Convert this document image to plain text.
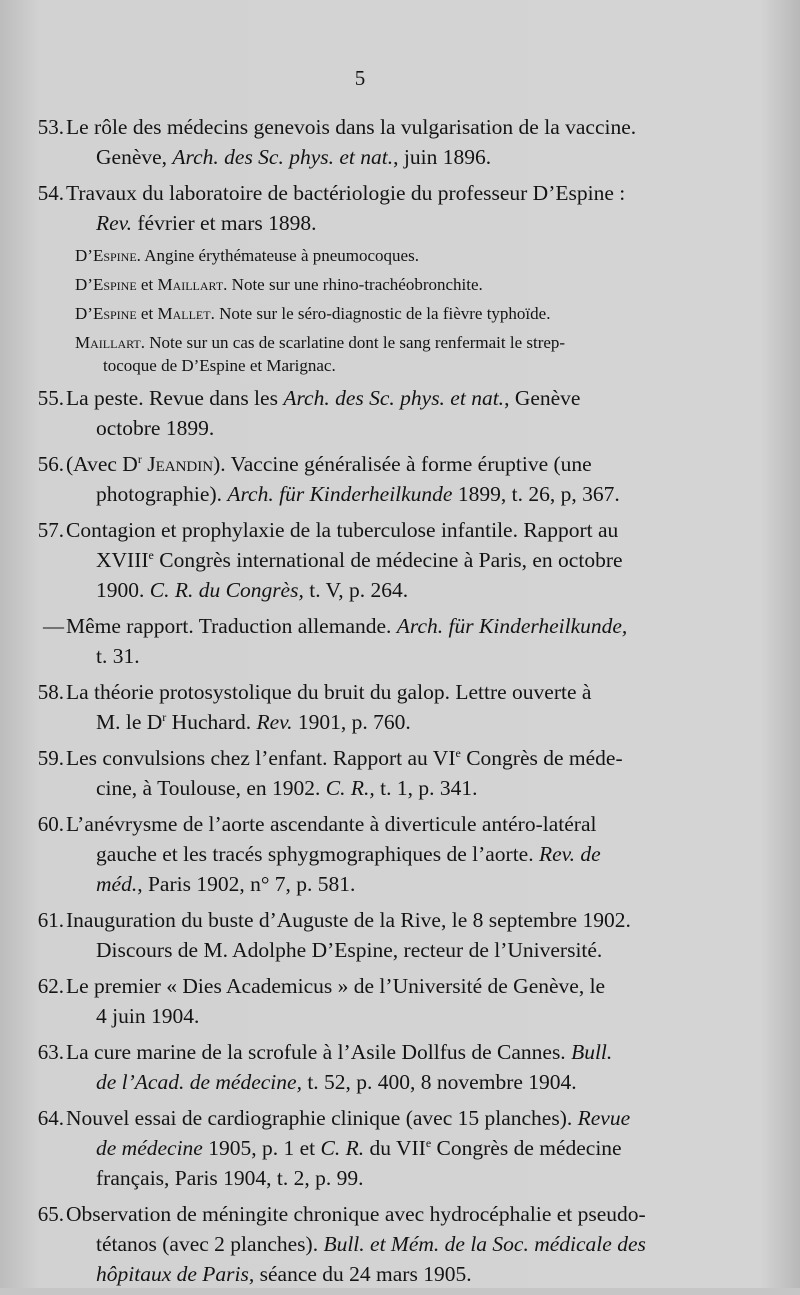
5
53. Le rôle des médecins genevois dans la vulgarisation de la vaccine.
Genève, Arch. des Sc. phys. et nat., juin 1896.
54. Travaux du laboratoire de bactériologie du professeur D’Espine :
Rev. février et mars 1898.
D’Espine. Angine érythémateuse à pneumocoques.
D’Espine et Maillart. Note sur une rhino-trachéobronchite.
D’Espine et Mallet. Note sur le séro-diagnostic de la fièvre typhoïde.
Maillart. Note sur un cas de scarlatine dont le sang renfermait le strep-
tocoque de D’Espine et Marignac.
55. La peste. Revue dans les Arch. des Sc. phys. et nat., Genève
octobre 1899.
56. (Avec $D^r$ Jeandin). Vaccine généralisée à forme éruptive (une
photographie). Arch. für Kinderheilkunde 1899, t. 26, p, 367.
57. Contagion et prophylaxie de la tuberculose infantile. Rapport au
XVIIIe Congrès international de médecine à Paris, en octobre
1900. C. R. du Congrès, t. V, p. 264.
— Même rapport. Traduction allemande. Arch. für Kinderheilkunde,
t. 31.
58. La théorie protosystolique du bruit du galop. Lettre ouverte à
M. le $D^r$ Huchard. Rev. 1901, p. 760.
59. Les convulsions chez l’enfant. Rapport au VIe Congrès de méde-
cine, à Toulouse, en 1902. C. R., t. 1, p. 341.
60. L’anévrysme de l’aorte ascendante à diverticule antéro-latéral
gauche et les tracés sphygmographiques de l’aorte. Rev. de
méd., Paris 1902, n° 7, p. 581.
61. Inauguration du buste d’Auguste de la Rive, le 8 septembre 1902.
Discours de M. Adolphe D’Espine, recteur de l’Université.
62. Le premier « Dies Academicus » de l’Université de Genève, le
4 juin 1904.
63. La cure marine de la scrofule à l’Asile Dollfus de Cannes. Bull.
de l’Acad. de médecine, t. 52, p. 400, 8 novembre 1904.
64. Nouvel essai de cardiographie clinique (avec 15 planches). Revue
de médecine 1905, p. 1 et C. R. du VIIe Congrès de médecine
français, Paris 1904, t. 2, p. 99.
65. Observation de méningite chronique avec hydrocéphalie et pseudo-
tétanos (avec 2 planches). Bull. et Mém. de la Soc. médicale des
hôpitaux de Paris, séance du 24 mars 1905.
